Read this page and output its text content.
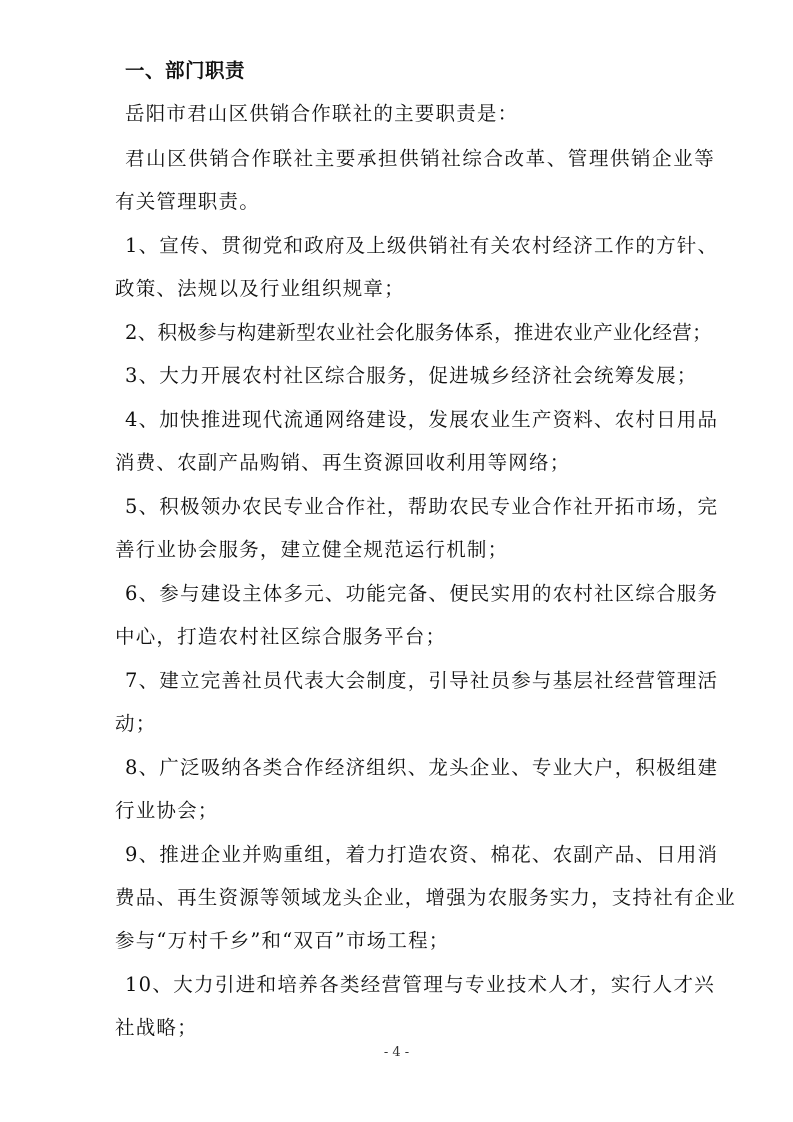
一、部门职责
岳阳市君山区供销合作联社的主要职责是：
君山区供销合作联社主要承担供销社综合改革、管理供销企业等
有关管理职责。
1、宣传、贯彻党和政府及上级供销社有关农村经济工作的方针、
政策、法规以及行业组织规章；
2、积极参与构建新型农业社会化服务体系，推进农业产业化经营；
3、大力开展农村社区综合服务，促进城乡经济社会统筹发展；
4、加快推进现代流通网络建设，发展农业生产资料、农村日用品
消费、农副产品购销、再生资源回收利用等网络；
5、积极领办农民专业合作社，帮助农民专业合作社开拓市场，完
善行业协会服务，建立健全规范运行机制；
6、参与建设主体多元、功能完备、便民实用的农村社区综合服务
中心，打造农村社区综合服务平台；
7、建立完善社员代表大会制度，引导社员参与基层社经营管理活
动；
8、广泛吸纳各类合作经济组织、龙头企业、专业大户，积极组建
行业协会；
9、推进企业并购重组，着力打造农资、棉花、农副产品、日用消
费品、再生资源等领域龙头企业，增强为农服务实力，支持社有企业
参与“万村千乡”和“双百”市场工程；
10、大力引进和培养各类经营管理与专业技术人才，实行人才兴
社战略；
- 4 -
